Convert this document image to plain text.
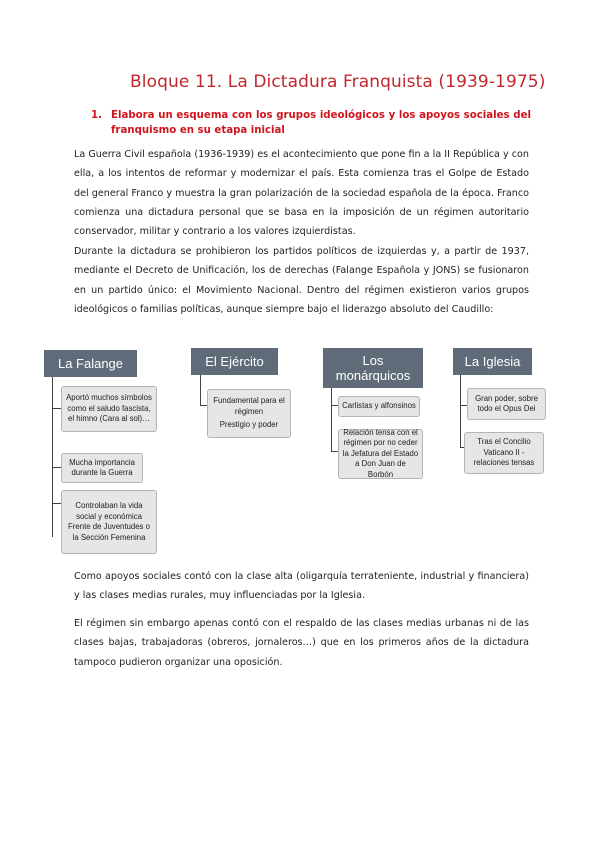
Bloque 11. La Dictadura Franquista (1939-1975)
1. Elabora un esquema con los grupos ideológicos y los apoyos sociales del franquismo en su etapa inicial

La Guerra Civil española (1936-1939) es el acontecimiento que pone fin a la II República y con ella, a los intentos de reformar y modernizar el país. Esta comienza tras el Golpe de Estado del general Franco y muestra la gran polarización de la sociedad española de la época. Franco comienza una dictadura personal que se basa en la imposición de un régimen autoritario conservador, militar y contrario a los valores izquierdistas.

Durante la dictadura se prohibieron los partidos políticos de izquierdas y, a partir de 1937, mediante el Decreto de Unificación, los de derechas (Falange Española y JONS) se fusionaron en un partido único: el Movimiento Nacional. Dentro del régimen existieron varios grupos ideológicos o familias políticas, aunque siempre bajo el liderazgo absoluto del Caudillo:

La Falange
Aportó muchos símbolos como el saludo fascista, el himno (Cara al sol)…
Mucha importancia durante la Guerra
Controlaban la vida social y económica
Frente de Juventudes o la Sección Femenina
El Ejército
Fundamental para el régimen
Prestigio y poder
Los monárquicos
Carlistas y alfonsinos
Relación tensa con el régimen por no ceder la Jefatura del Estado a Don Juan de Borbón
La Iglesia
Gran poder, sobre todo el Opus Dei
Tras el Concilio Vaticano II - relaciones tensas

Como apoyos sociales contó con la clase alta (oligarquía terrateniente, industrial y financiera) y las clases medias rurales, muy influenciadas por la Iglesia.

El régimen sin embargo apenas contó con el respaldo de las clases medias urbanas ni de las clases bajas, trabajadoras (obreros, jornaleros…) que en los primeros años de la dictadura tampoco pudieron organizar una oposición.
